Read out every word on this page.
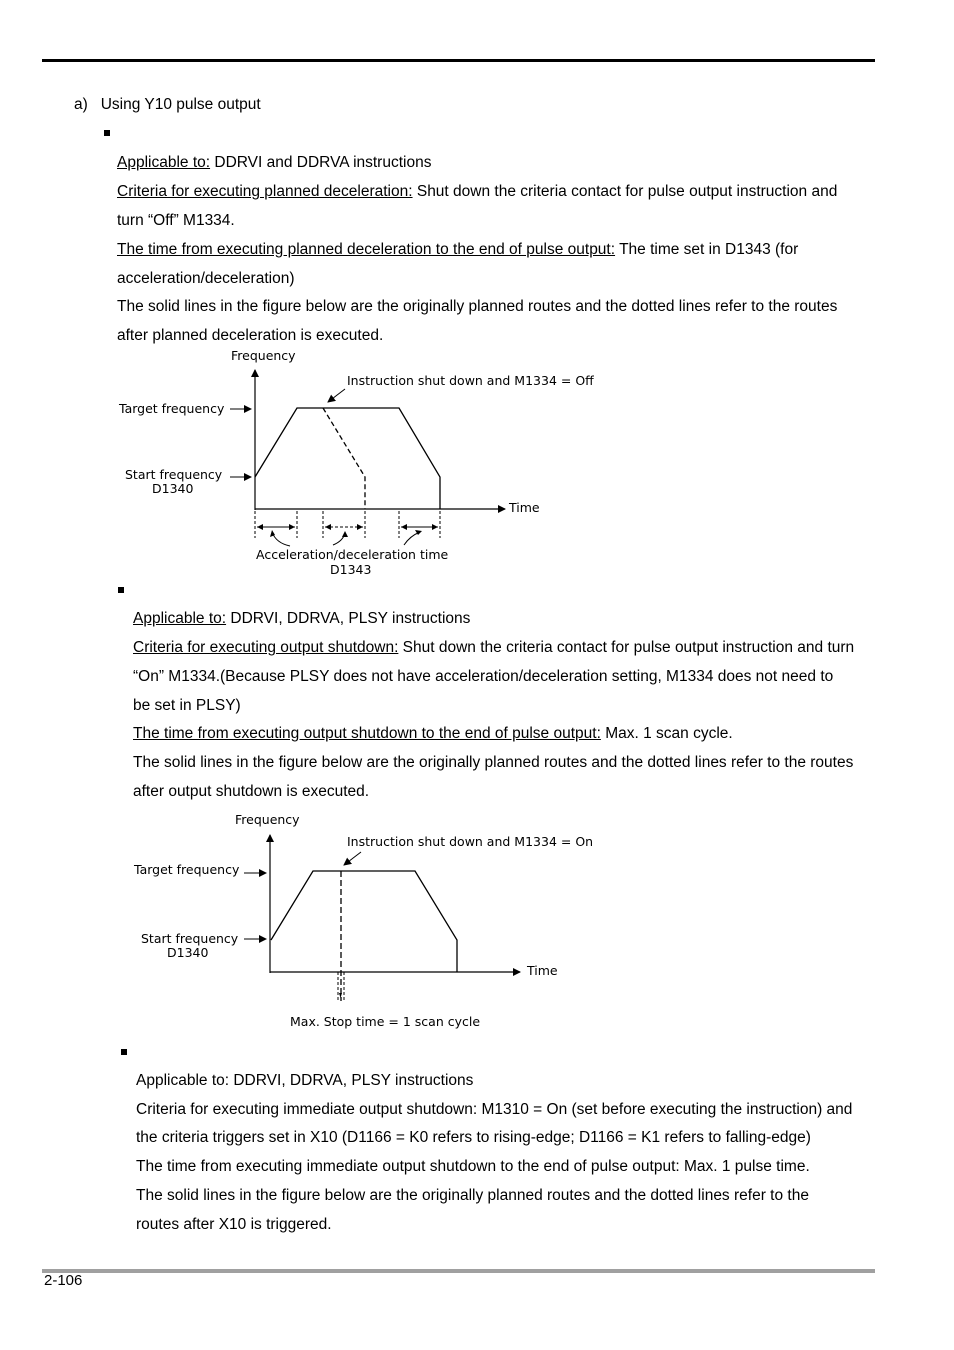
a)   Using Y10 pulse output
Applicable to: DDRVI and DDRVA instructions
Criteria for executing planned deceleration: Shut down the criteria contact for pulse output instruction and
turn “Off” M1334.
The time from executing planned deceleration to the end of pulse output: The time set in D1343 (for
acceleration/deceleration)
The solid lines in the figure below are the originally planned routes and the dotted lines refer to the routes
after planned deceleration is executed.
Frequency
Time
Target frequency
Start frequency
D1340
Instruction shut down and M1334 = Off
Acceleration/deceleration time
D1343
Applicable to: DDRVI, DDRVA, PLSY instructions
Criteria for executing output shutdown: Shut down the criteria contact for pulse output instruction and turn
“On” M1334.(Because PLSY does not have acceleration/deceleration setting, M1334 does not need to
be set in PLSY)
The time from executing output shutdown to the end of pulse output: Max. 1 scan cycle.
The solid lines in the figure below are the originally planned routes and the dotted lines refer to the routes
after output shutdown is executed.
Frequency
Time
Target frequency
Start frequency
D1340
Instruction shut down and M1334 = On
Max. Stop time = 1 scan cycle
Applicable to: DDRVI, DDRVA, PLSY instructions
Criteria for executing immediate output shutdown: M1310 = On (set before executing the instruction) and
the criteria triggers set in X10 (D1166 = K0 refers to rising-edge; D1166 = K1 refers to falling-edge)
The time from executing immediate output shutdown to the end of pulse output: Max. 1 pulse time.
The solid lines in the figure below are the originally planned routes and the dotted lines refer to the
routes after X10 is triggered.
2-106
